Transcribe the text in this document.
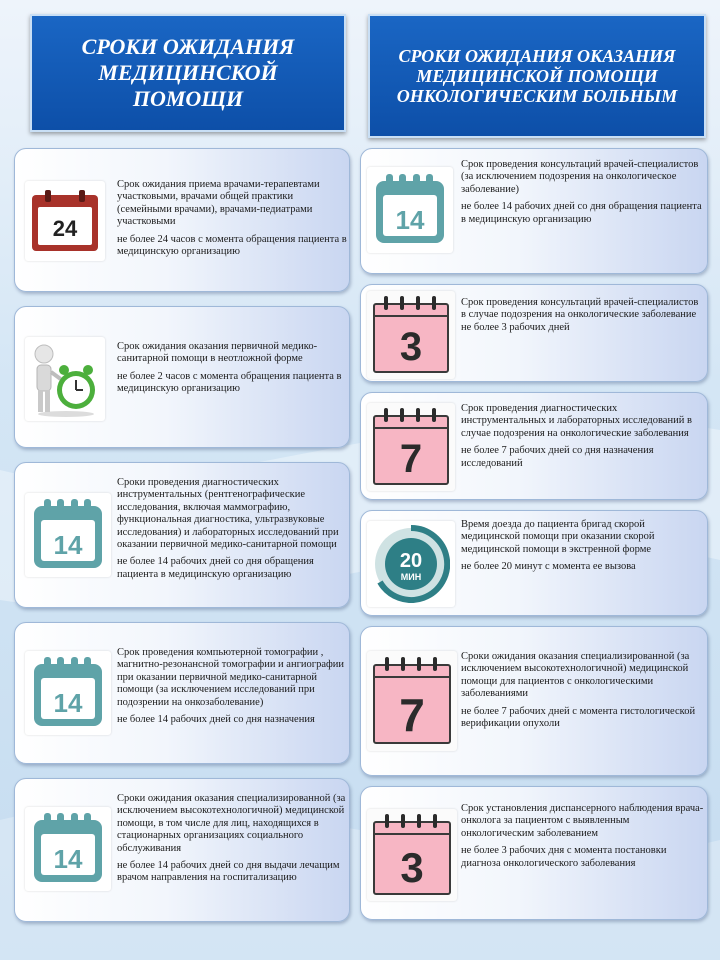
СРОКИ ОЖИДАНИЯ МЕДИЦИНСКОЙ ПОМОЩИ
СРОКИ ОЖИДАНИЯ ОКАЗАНИЯ МЕДИЦИНСКОЙ ПОМОЩИ ОНКОЛОГИЧЕСКИМ БОЛЬНЫМ
24

Срок ожидания приема врачами-терапевтами участковыми, врачами общей практики (семейными врачами), врачами-педиатрами участковыми

не более 24 часов с момента обращения пациента в медицинскую организацию

Срок ожидания оказания первичной медико-санитарной помощи в неотложной форме

не более 2 часов с момента обращения пациента в медицинскую организацию

14

Сроки проведения диагностических инструментальных (рентгенографические исследования, включая маммографию, функциональная диагностика, ультразвуковые исследования) и лабораторных исследований при оказании первичной медико-санитарной помощи

не более 14 рабочих дней со дня обращения пациента в медицинскую организацию

14

Срок проведения компьютерной томографии , магнитно-резонансной томографии и ангиографии при оказании первичной медико-санитарной помощи (за исключением исследований при подозрении на онкозаболевание)

не более 14 рабочих дней со дня назначения

14

Сроки ожидания оказания специализированной (за исключением высокотехнологичной) медицинской помощи, в том числе для лиц, находящихся в стационарных организациях социального обслуживания

не более 14 рабочих дней со дня выдачи лечащим врачом направления на госпитализацию

14

Срок проведения консультаций врачей-специалистов (за исключением подозрения на онкологическое заболевание)

не более 14 рабочих дней со дня обращения пациента в медицинскую организацию

3

Срок проведения консультаций врачей-специалистов в случае подозрения на онкологические заболевание

не более 3 рабочих дней

7

Срок проведения диагностических инструментальных и лабораторных исследований в случае подозрения на онкологические заболевания

не более 7 рабочих дней со дня назначения исследований

20
МИН

Время доезда до пациента бригад скорой медицинской помощи при оказании скорой медицинской помощи в экстренной форме

не более 20 минут с момента ее вызова

7

Сроки ожидания оказания специализированной (за исключением высокотехнологичной) медицинской помощи для пациентов с онкологическими заболеваниями

не более 7 рабочих дней с момента гистологической верификации опухоли

3

Срок установления диспансерного наблюдения врача-онколога за пациентом с выявленным онкологическим заболеванием

не более 3 рабочих дня с момента постановки диагноза онкологического заболевания
